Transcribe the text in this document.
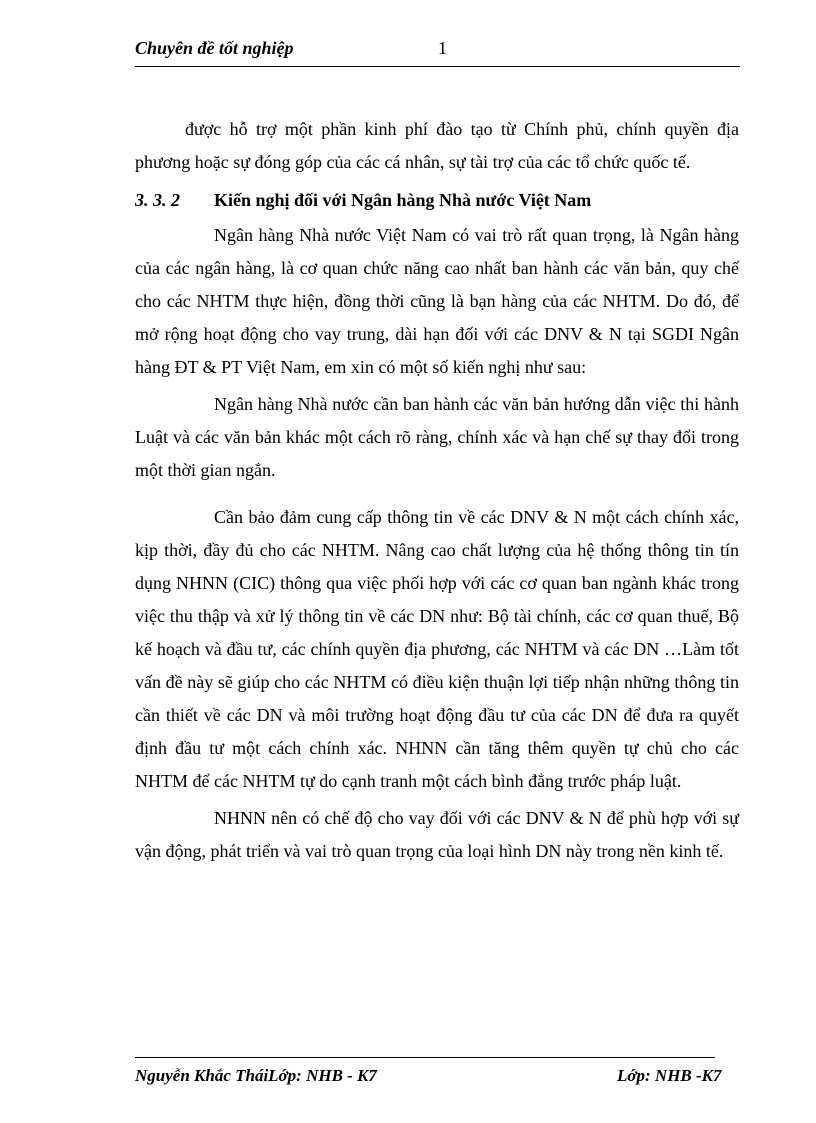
Chuyên đề tốt nghiệp	1

được hỗ trợ một phần kinh phí đào tạo từ Chính phủ, chính quyền địa phương hoặc sự đóng góp của các cá nhân, sự tài trợ của các tổ chức quốc tế.

3. 3. 2	Kiến nghị đối với Ngân hàng Nhà nước Việt Nam

Ngân hàng Nhà nước Việt Nam có vai trò rất quan trọng, là Ngân hàng của các ngân hàng, là cơ quan chức năng cao nhất ban hành các văn bản, quy chế cho các NHTM thực hiện, đồng thời cũng là bạn hàng của các NHTM. Do đó, để mở rộng hoạt động cho vay trung, dài hạn đối với các DNV & N tại SGDI Ngân hàng ĐT & PT Việt Nam, em xin có một số kiến nghị như sau:

Ngân hàng Nhà nước cần ban hành các văn bản hướng dẫn việc thi hành Luật và các văn bản khác một cách rõ ràng, chính xác và hạn chế sự thay đổi trong một thời gian ngắn.

Cần bảo đảm cung cấp thông tin về các DNV & N một cách chính xác, kịp thời, đầy đủ cho các NHTM. Nâng cao chất lượng của hệ thống thông tin tín dụng NHNN (CIC) thông qua việc phối hợp với các cơ quan ban ngành khác trong việc thu thập và xử lý thông tin về các DN như: Bộ tài chính, các cơ quan thuế, Bộ kế hoạch và đầu tư, các chính quyền địa phương, các NHTM và các DN …Làm tốt vấn đề này sẽ giúp cho các NHTM có điều kiện thuận lợi tiếp nhận những thông tin cần thiết về các DN và môi trường hoạt động đầu tư của các DN để đưa ra quyết định đầu tư một cách chính xác. NHNN cần tăng thêm quyền tự chủ cho các NHTM để các NHTM tự do cạnh tranh một cách bình đẳng trước pháp luật.

NHNN nên có chế độ cho vay đối với các DNV & N để phù hợp với sự vận động, phát triển và vai trò quan trọng của loại hình DN này trong nền kinh tế.

Nguyễn Khắc TháiLớp: NHB - K7	Lớp: NHB -K7
